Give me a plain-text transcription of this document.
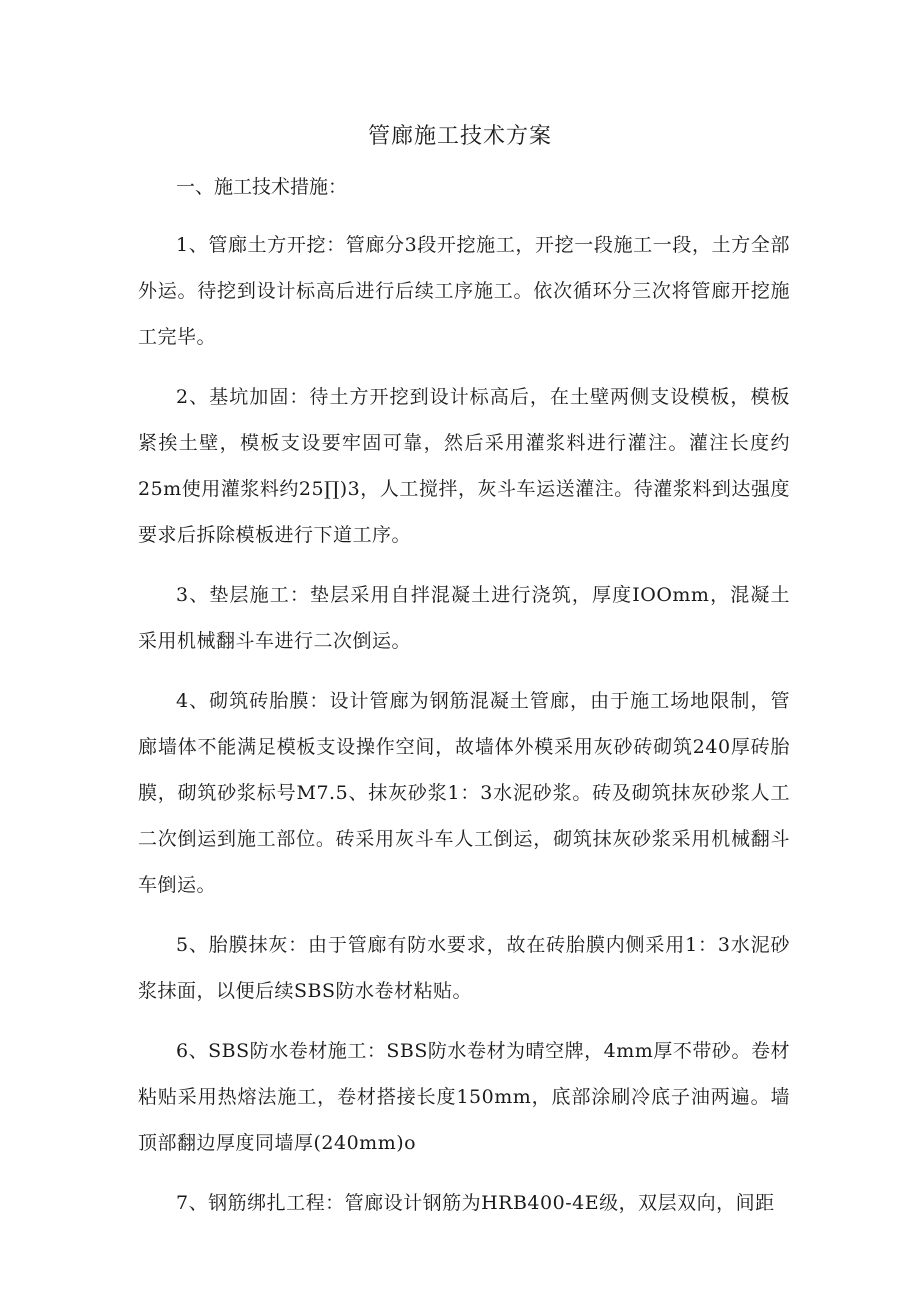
管廊施工技术方案

一、施工技术措施：

1、管廊土方开挖：管廊分3段开挖施工，开挖一段施工一段，土方全部外运。待挖到设计标高后进行后续工序施工。依次循环分三次将管廊开挖施工完毕。

2、基坑加固：待土方开挖到设计标高后，在土壁两侧支设模板，模板紧挨土壁，模板支设要牢固可靠，然后采用灌浆料进行灌注。灌注长度约25m使用灌浆料约25∏)3，人工搅拌，灰斗车运送灌注。待灌浆料到达强度要求后拆除模板进行下道工序。

3、垫层施工：垫层采用自拌混凝土进行浇筑，厚度IOOmm，混凝土采用机械翻斗车进行二次倒运。

4、砌筑砖胎膜：设计管廊为钢筋混凝土管廊，由于施工场地限制，管廊墙体不能满足模板支设操作空间，故墙体外模采用灰砂砖砌筑240厚砖胎膜，砌筑砂浆标号M7.5、抹灰砂浆1：3水泥砂浆。砖及砌筑抹灰砂浆人工二次倒运到施工部位。砖采用灰斗车人工倒运，砌筑抹灰砂浆采用机械翻斗车倒运。

5、胎膜抹灰：由于管廊有防水要求，故在砖胎膜内侧采用1：3水泥砂浆抹面，以便后续SBS防水卷材粘贴。

6、SBS防水卷材施工：SBS防水卷材为晴空牌，4mm厚不带砂。卷材粘贴采用热熔法施工，卷材搭接长度150mm，底部涂刷冷底子油两遍。墙顶部翻边厚度同墙厚(240mm)o

7、钢筋绑扎工程：管廊设计钢筋为HRB400-4E级，双层双向，间距
